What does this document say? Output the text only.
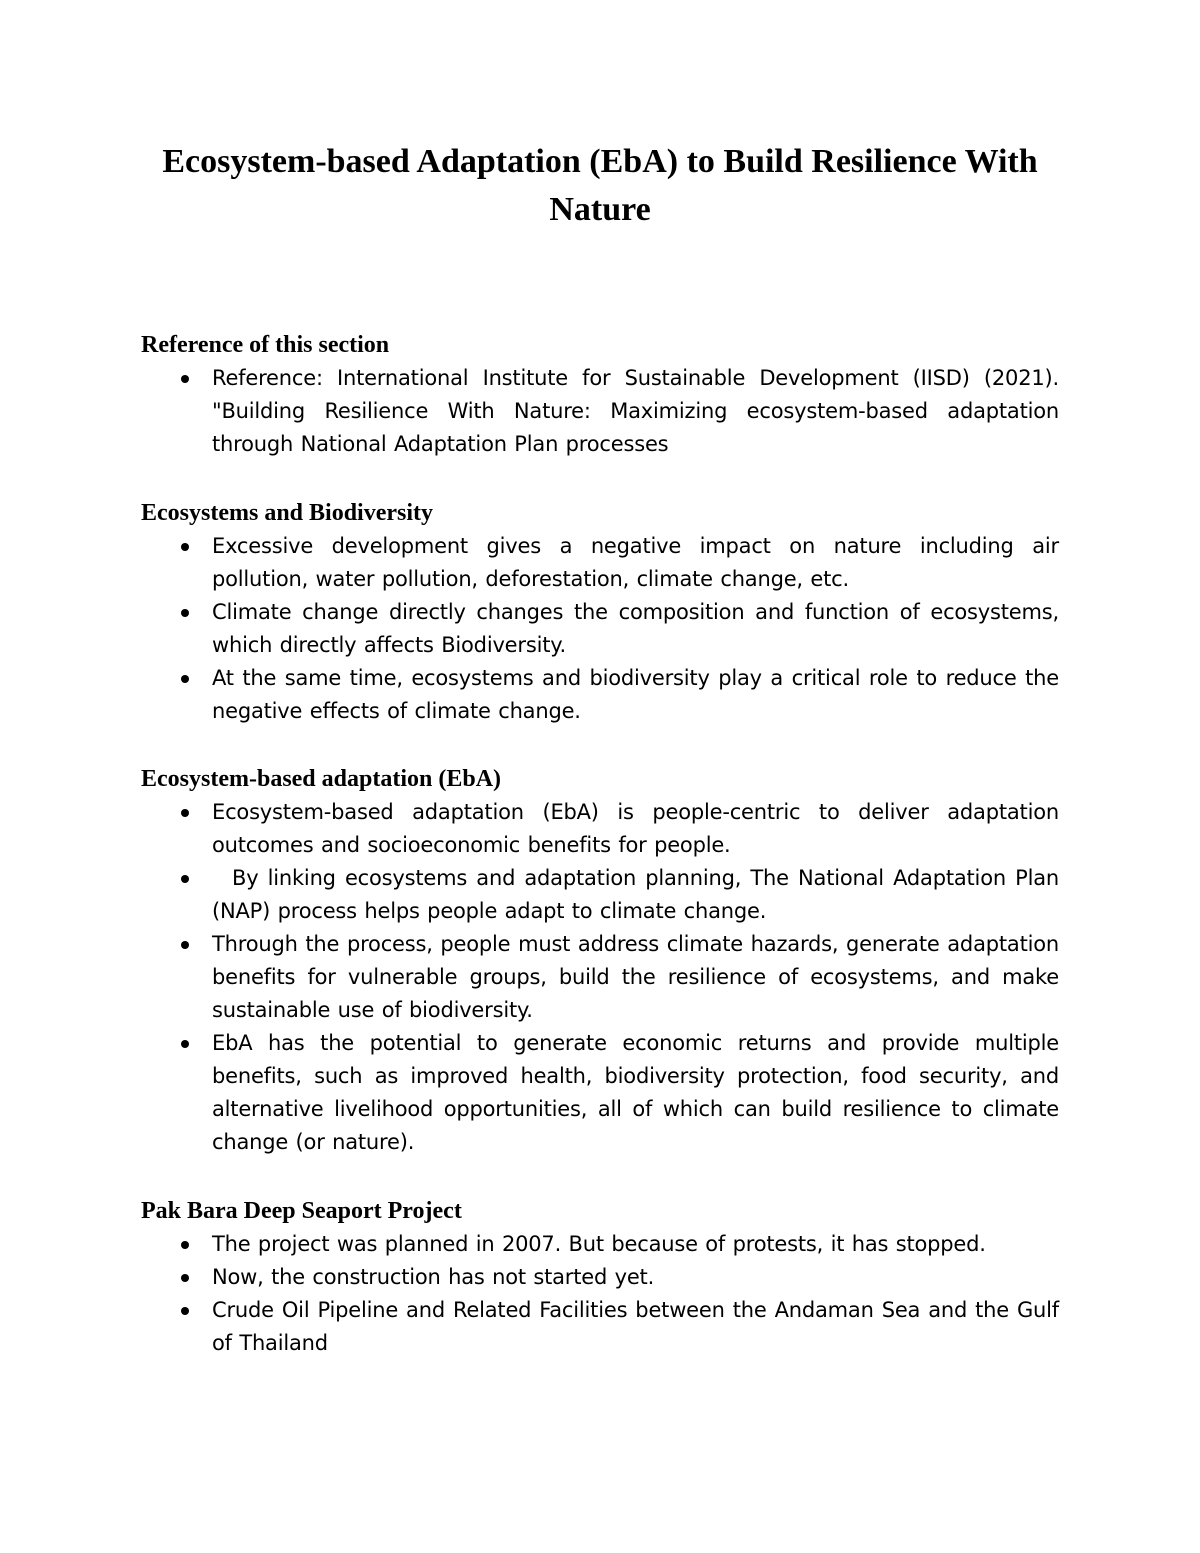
Ecosystem-based Adaptation (EbA) to Build Resilience With Nature
Reference of this section
Reference: International Institute for Sustainable Development (IISD) (2021). "Building Resilience With Nature: Maximizing ecosystem-based adaptation through National Adaptation Plan processes
Ecosystems and Biodiversity
Excessive development gives a negative impact on nature including air pollution, water pollution, deforestation, climate change, etc.
Climate change directly changes the composition and function of ecosystems, which directly affects Biodiversity.
At the same time, ecosystems and biodiversity play a critical role to reduce the negative effects of climate change.
Ecosystem-based adaptation (EbA)
Ecosystem-based adaptation (EbA) is people-centric to deliver adaptation outcomes and socioeconomic benefits for people.
By linking ecosystems and adaptation planning, The National Adaptation Plan (NAP) process helps people adapt to climate change.
Through the process, people must address climate hazards, generate adaptation benefits for vulnerable groups, build the resilience of ecosystems, and make sustainable use of biodiversity.
EbA has the potential to generate economic returns and provide multiple benefits, such as improved health, biodiversity protection, food security, and alternative livelihood opportunities, all of which can build resilience to climate change (or nature).
Pak Bara Deep Seaport Project
The project was planned in 2007. But because of protests, it has stopped.
Now, the construction has not started yet.
Crude Oil Pipeline and Related Facilities between the Andaman Sea and the Gulf of Thailand
